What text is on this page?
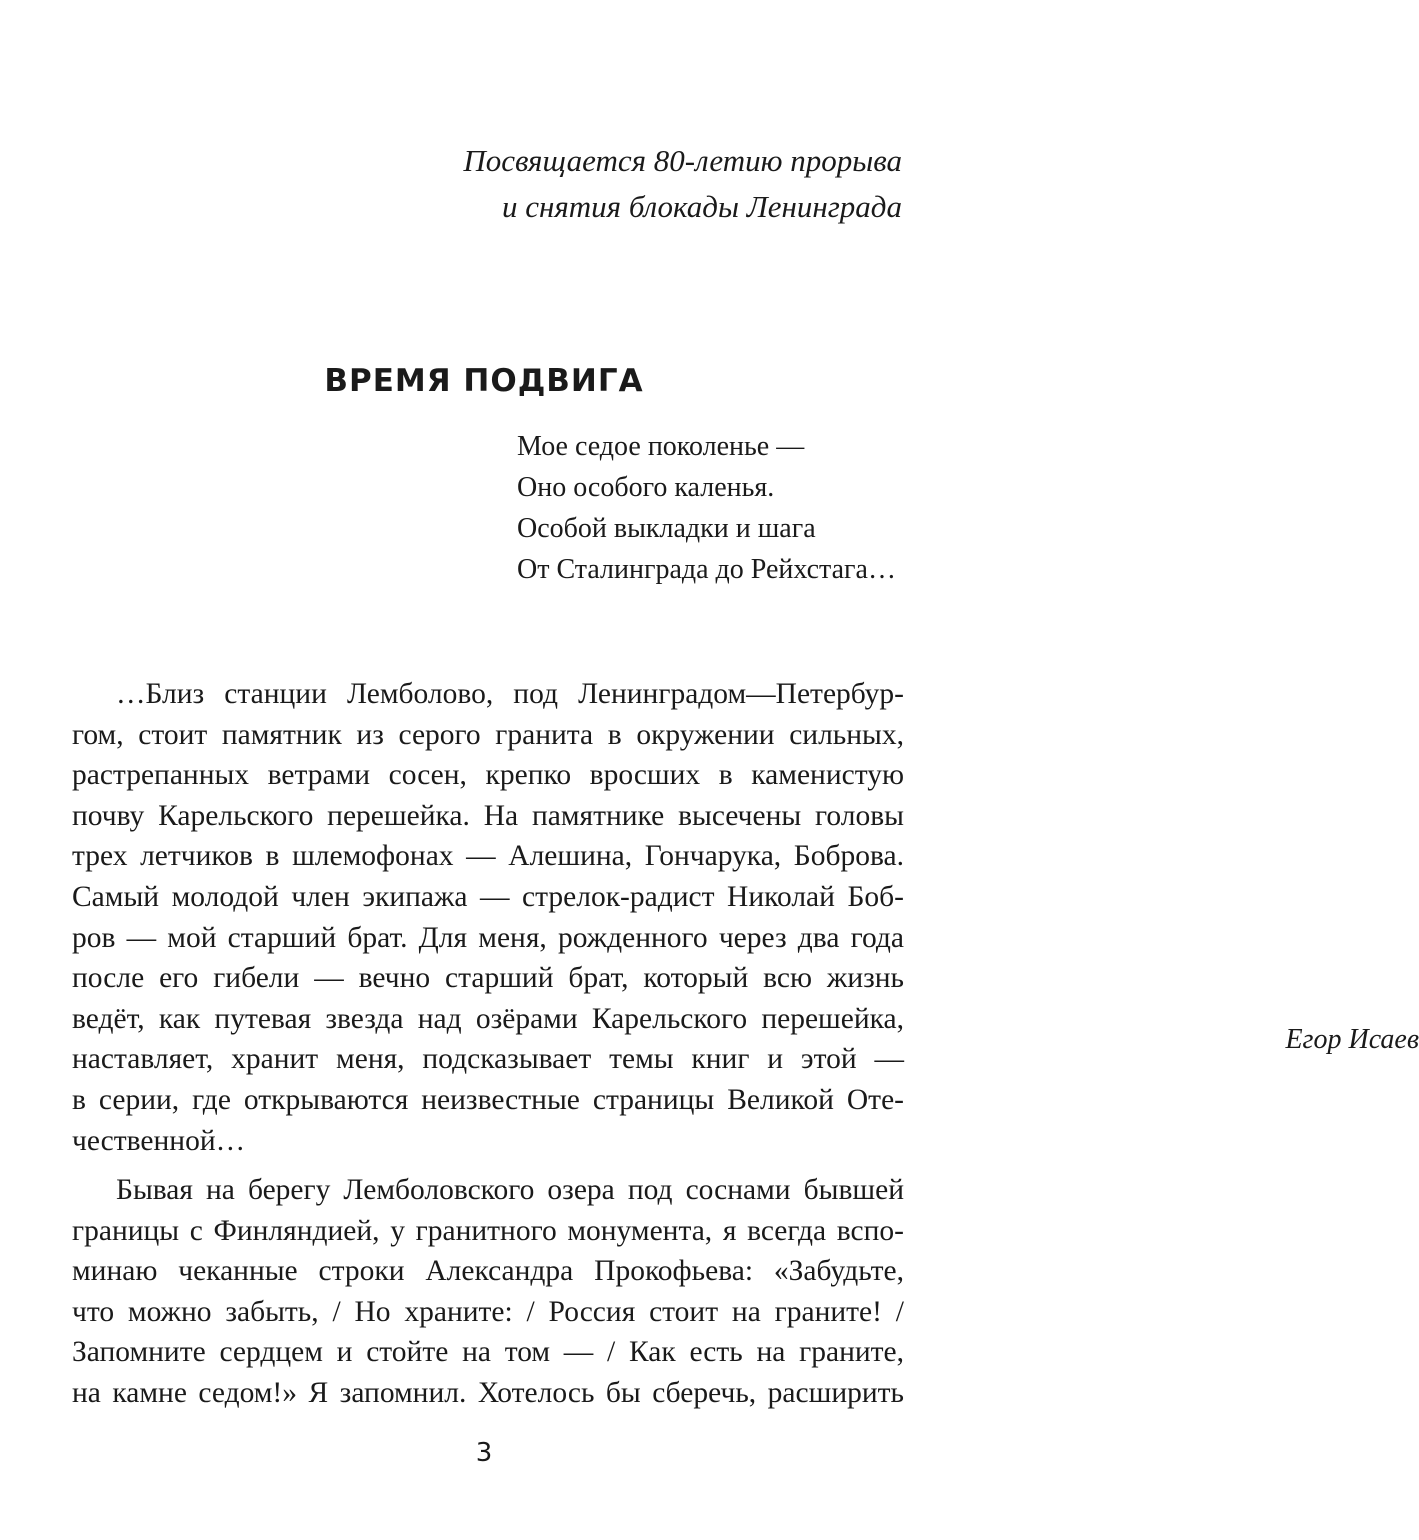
Посвящается 80-летию прорыва
и снятия блокады Ленинграда
ВРЕМЯ ПОДВИГА
Мое седое поколенье —
Оно особого каленья.
Особой выкладки и шага
От Сталинграда до Рейхстага…
Егор Исаев
…Близ станции Лемболово, под Ленинградом—Петербур-
гом, стоит памятник из серого гранита в окружении сильных,
растрепанных ветрами сосен, крепко вросших в каменистую
почву Карельского перешейка. На памятнике высечены головы
трех летчиков в шлемофонах — Алешина, Гончарука, Боброва.
Самый молодой член экипажа — стрелок-радист Николай Боб-
ров — мой старший брат. Для меня, рожденного через два года
после его гибели — вечно старший брат, который всю жизнь
ведёт, как путевая звезда над озёрами Карельского перешейка,
наставляет, хранит меня, подсказывает темы книг и этой —
в серии, где открываются неизвестные страницы Великой Оте-
чественной…
Бывая на берегу Лемболовского озера под соснами бывшей
границы с Финляндией, у гранитного монумента, я всегда вспо-
минаю чеканные строки Александра Прокофьева: «Забудьте,
что можно забыть, / Но храните: / Россия стоит на граните! /
Запомните сердцем и стойте на том — / Как есть на граните,
на камне седом!» Я запомнил. Хотелось бы сберечь, расширить
3
